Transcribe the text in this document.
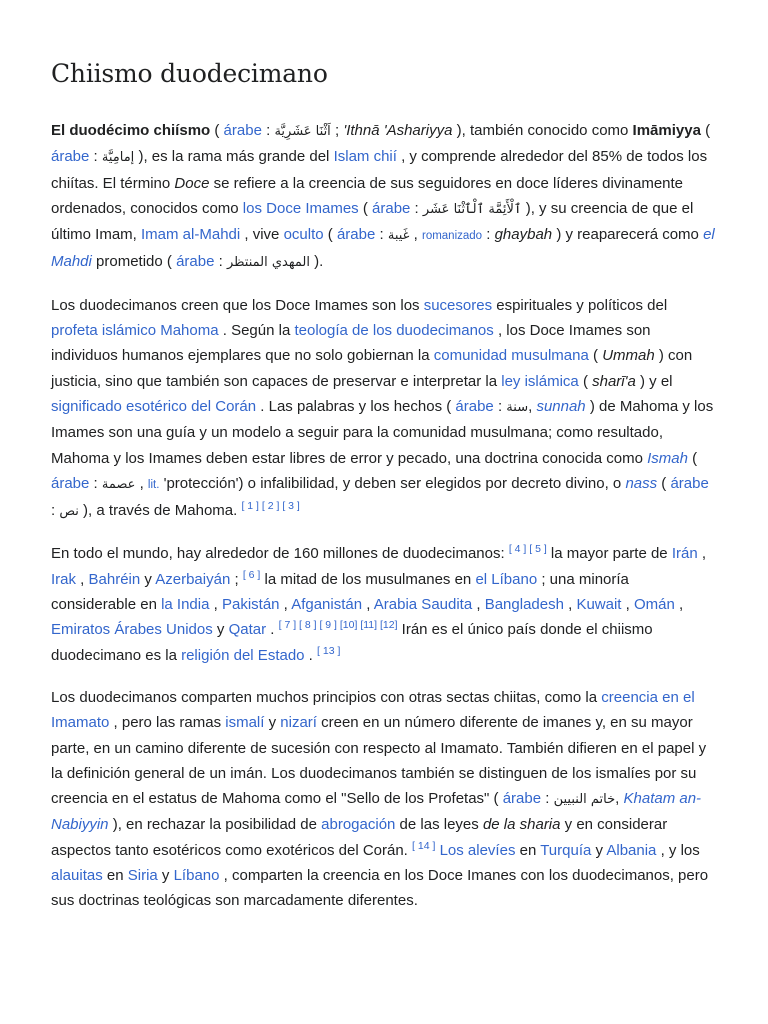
Chiismo duodecimano

El duodécimo chiísmo ( árabe : اَثْنَا عَشَرِيَّة ; 'Ithnā 'Ashariyya ), también conocido como Imāmiyya ( árabe : إمامِيَّة ), es la rama más grande del Islam chií , y comprende alrededor del 85% de todos los chiítas. El término Doce se refiere a la creencia de sus seguidores en doce líderes divinamente ordenados, conocidos como los Doce Imames ( árabe : ٱلْأَئِمَّة ٱلْٱثْنَا عَشَر ), y su creencia de que el último Imam, Imam al-Mahdi , vive oculto ( árabe : غَيبة , romanizado : ghaybah ) y reaparecerá como el Mahdi prometido ( árabe : المهدي المنتظر ).

Los duodecimanos creen que los Doce Imames son los sucesores espirituales y políticos del profeta islámico Mahoma . Según la teología de los duodecimanos , los Doce Imames son individuos humanos ejemplares que no solo gobiernan la comunidad musulmana ( Ummah ) con justicia, sino que también son capaces de preservar e interpretar la ley islámica ( sharī'a ) y el significado esotérico del Corán . Las palabras y los hechos ( árabe : سنة, sunnah ) de Mahoma y los Imames son una guía y un modelo a seguir para la comunidad musulmana; como resultado, Mahoma y los Imames deben estar libres de error y pecado, una doctrina conocida como Ismah ( árabe : عصمة , lit. 'protección') o infalibilidad, y deben ser elegidos por decreto divino, o nass ( árabe : نص ), a través de Mahoma. [ 1 ] [ 2 ] [ 3 ]

En todo el mundo, hay alrededor de 160 millones de duodecimanos: [ 4 ] [ 5 ] la mayor parte de Irán , Irak , Bahréin y Azerbaiyán ; [ 6 ] la mitad de los musulmanes en el Líbano ; una minoría considerable en la India , Pakistán , Afganistán , Arabia Saudita , Bangladesh , Kuwait , Omán , Emiratos Árabes Unidos y Qatar . [ 7 ] [ 8 ] [ 9 ] [10] [11] [12] Irán es el único país donde el chiismo duodecimano es la religión del Estado . [ 13 ]

Los duodecimanos comparten muchos principios con otras sectas chiitas, como la creencia en el Imamato , pero las ramas ismalí y nizarí creen en un número diferente de imanes y, en su mayor parte, en un camino diferente de sucesión con respecto al Imamato. También difieren en el papel y la definición general de un imán. Los duodecimanos también se distinguen de los ismalíes por su creencia en el estatus de Mahoma como el "Sello de los Profetas" ( árabe : خاتم النبيين, Khatam an-Nabiyyin ), en rechazar la posibilidad de abrogación de las leyes de la sharia y en considerar aspectos tanto esotéricos como exotéricos del Corán. [ 14 ] Los alevíes en Turquía y Albania , y los alauitas en Siria y Líbano , comparten la creencia en los Doce Imanes con los duodecimanos, pero sus doctrinas teológicas son marcadamente diferentes.
